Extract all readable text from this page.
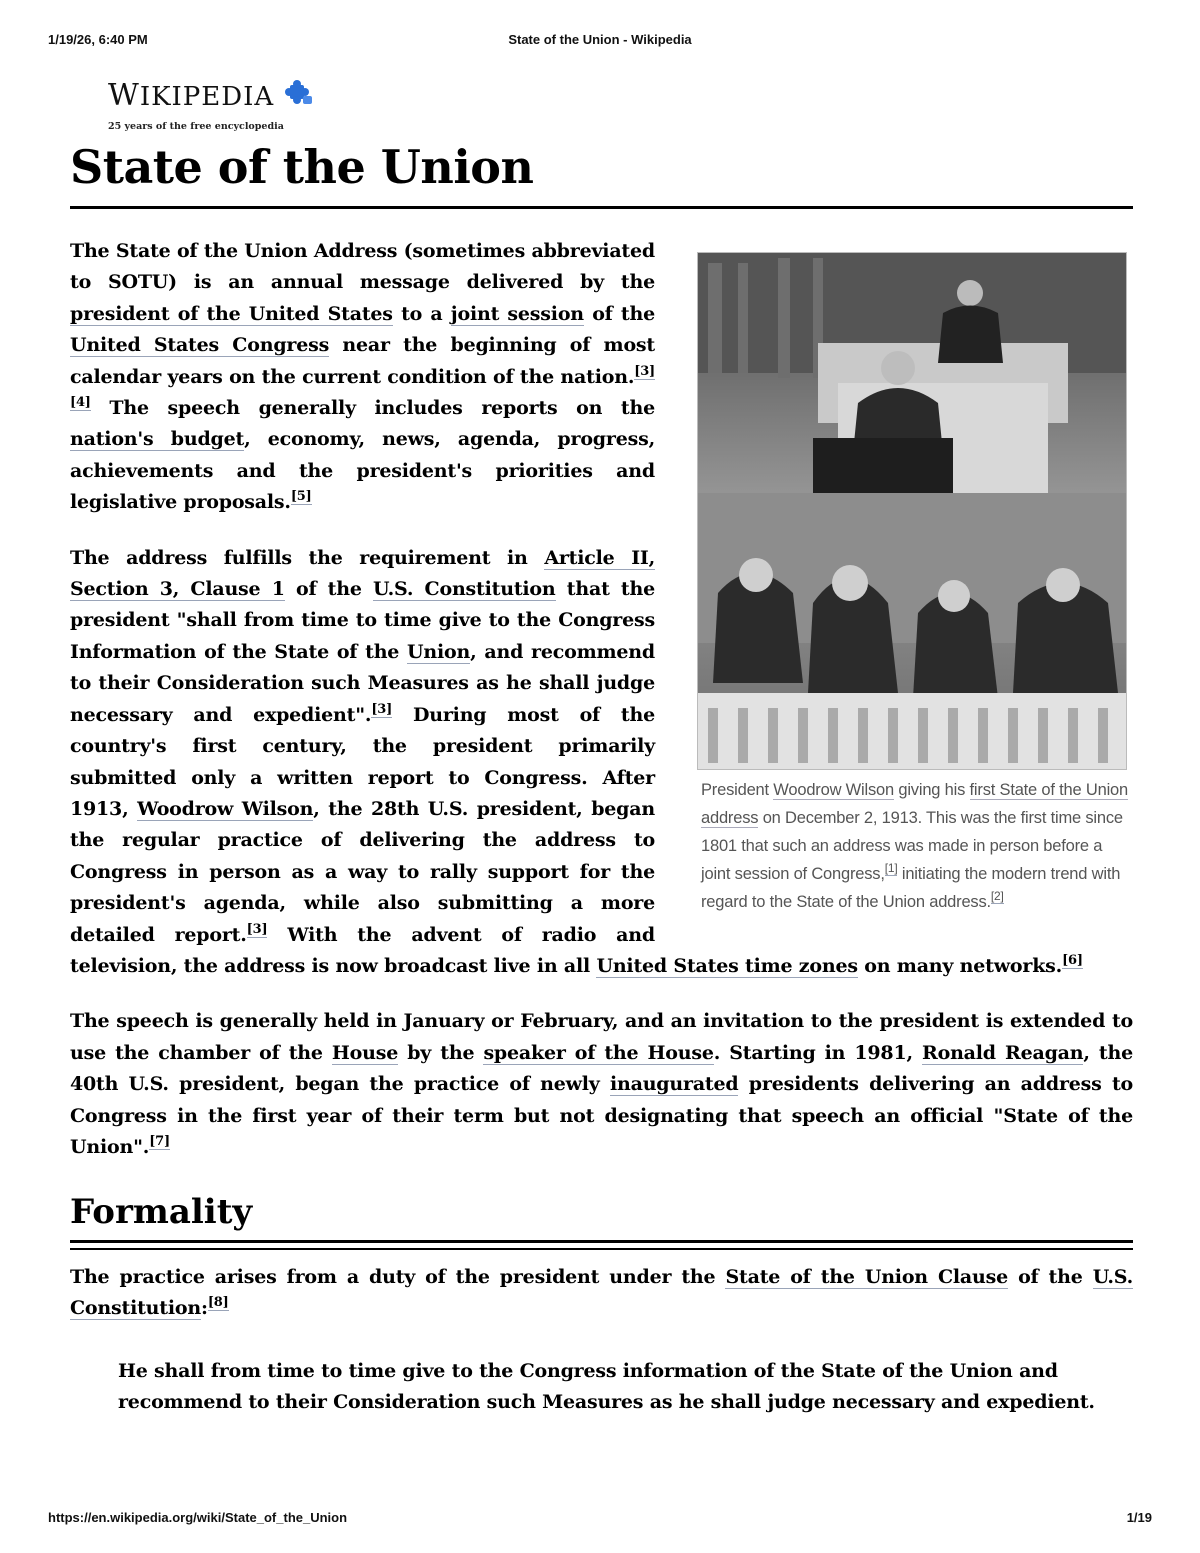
1/19/26, 6:40 PM	State of the Union - Wikipedia
WIKIPEDIA
25 years of the free encyclopedia
State of the Union
President Woodrow Wilson giving his first State of the Union address on December 2, 1913. This was the first time since 1801 that such an address was made in person before a joint session of Congress,[1] initiating the modern trend with regard to the State of the Union address.[2]

The State of the Union Address (sometimes abbreviated to SOTU) is an annual message delivered by the president of the United States to a joint session of the United States Congress near the beginning of most calendar years on the current condition of the nation.[3][4] The speech generally includes reports on the nation's budget, economy, news, agenda, progress, achievements and the president's priorities and legislative proposals.[5]

The address fulfills the requirement in Article II, Section 3, Clause 1 of the U.S. Constitution that the president "shall from time to time give to the Congress Information of the State of the Union, and recommend to their Consideration such Measures as he shall judge necessary and expedient".[3] During most of the country's first century, the president primarily submitted only a written report to Congress. After 1913, Woodrow Wilson, the 28th U.S. president, began the regular practice of delivering the address to Congress in person as a way to rally support for the president's agenda, while also submitting a more detailed report.[3] With the advent of radio and television, the address is now broadcast live in all United States time zones on many networks.[6]

The speech is generally held in January or February, and an invitation to the president is extended to use the chamber of the House by the speaker of the House. Starting in 1981, Ronald Reagan, the 40th U.S. president, began the practice of newly inaugurated presidents delivering an address to Congress in the first year of their term but not designating that speech an official "State of the Union".[7]

Formality

The practice arises from a duty of the president under the State of the Union Clause of the U.S. Constitution:[8]

He shall from time to time give to the Congress information of the State of the Union and recommend to their Consideration such Measures as he shall judge necessary and expedient.
https://en.wikipedia.org/wiki/State_of_the_Union	1/19
